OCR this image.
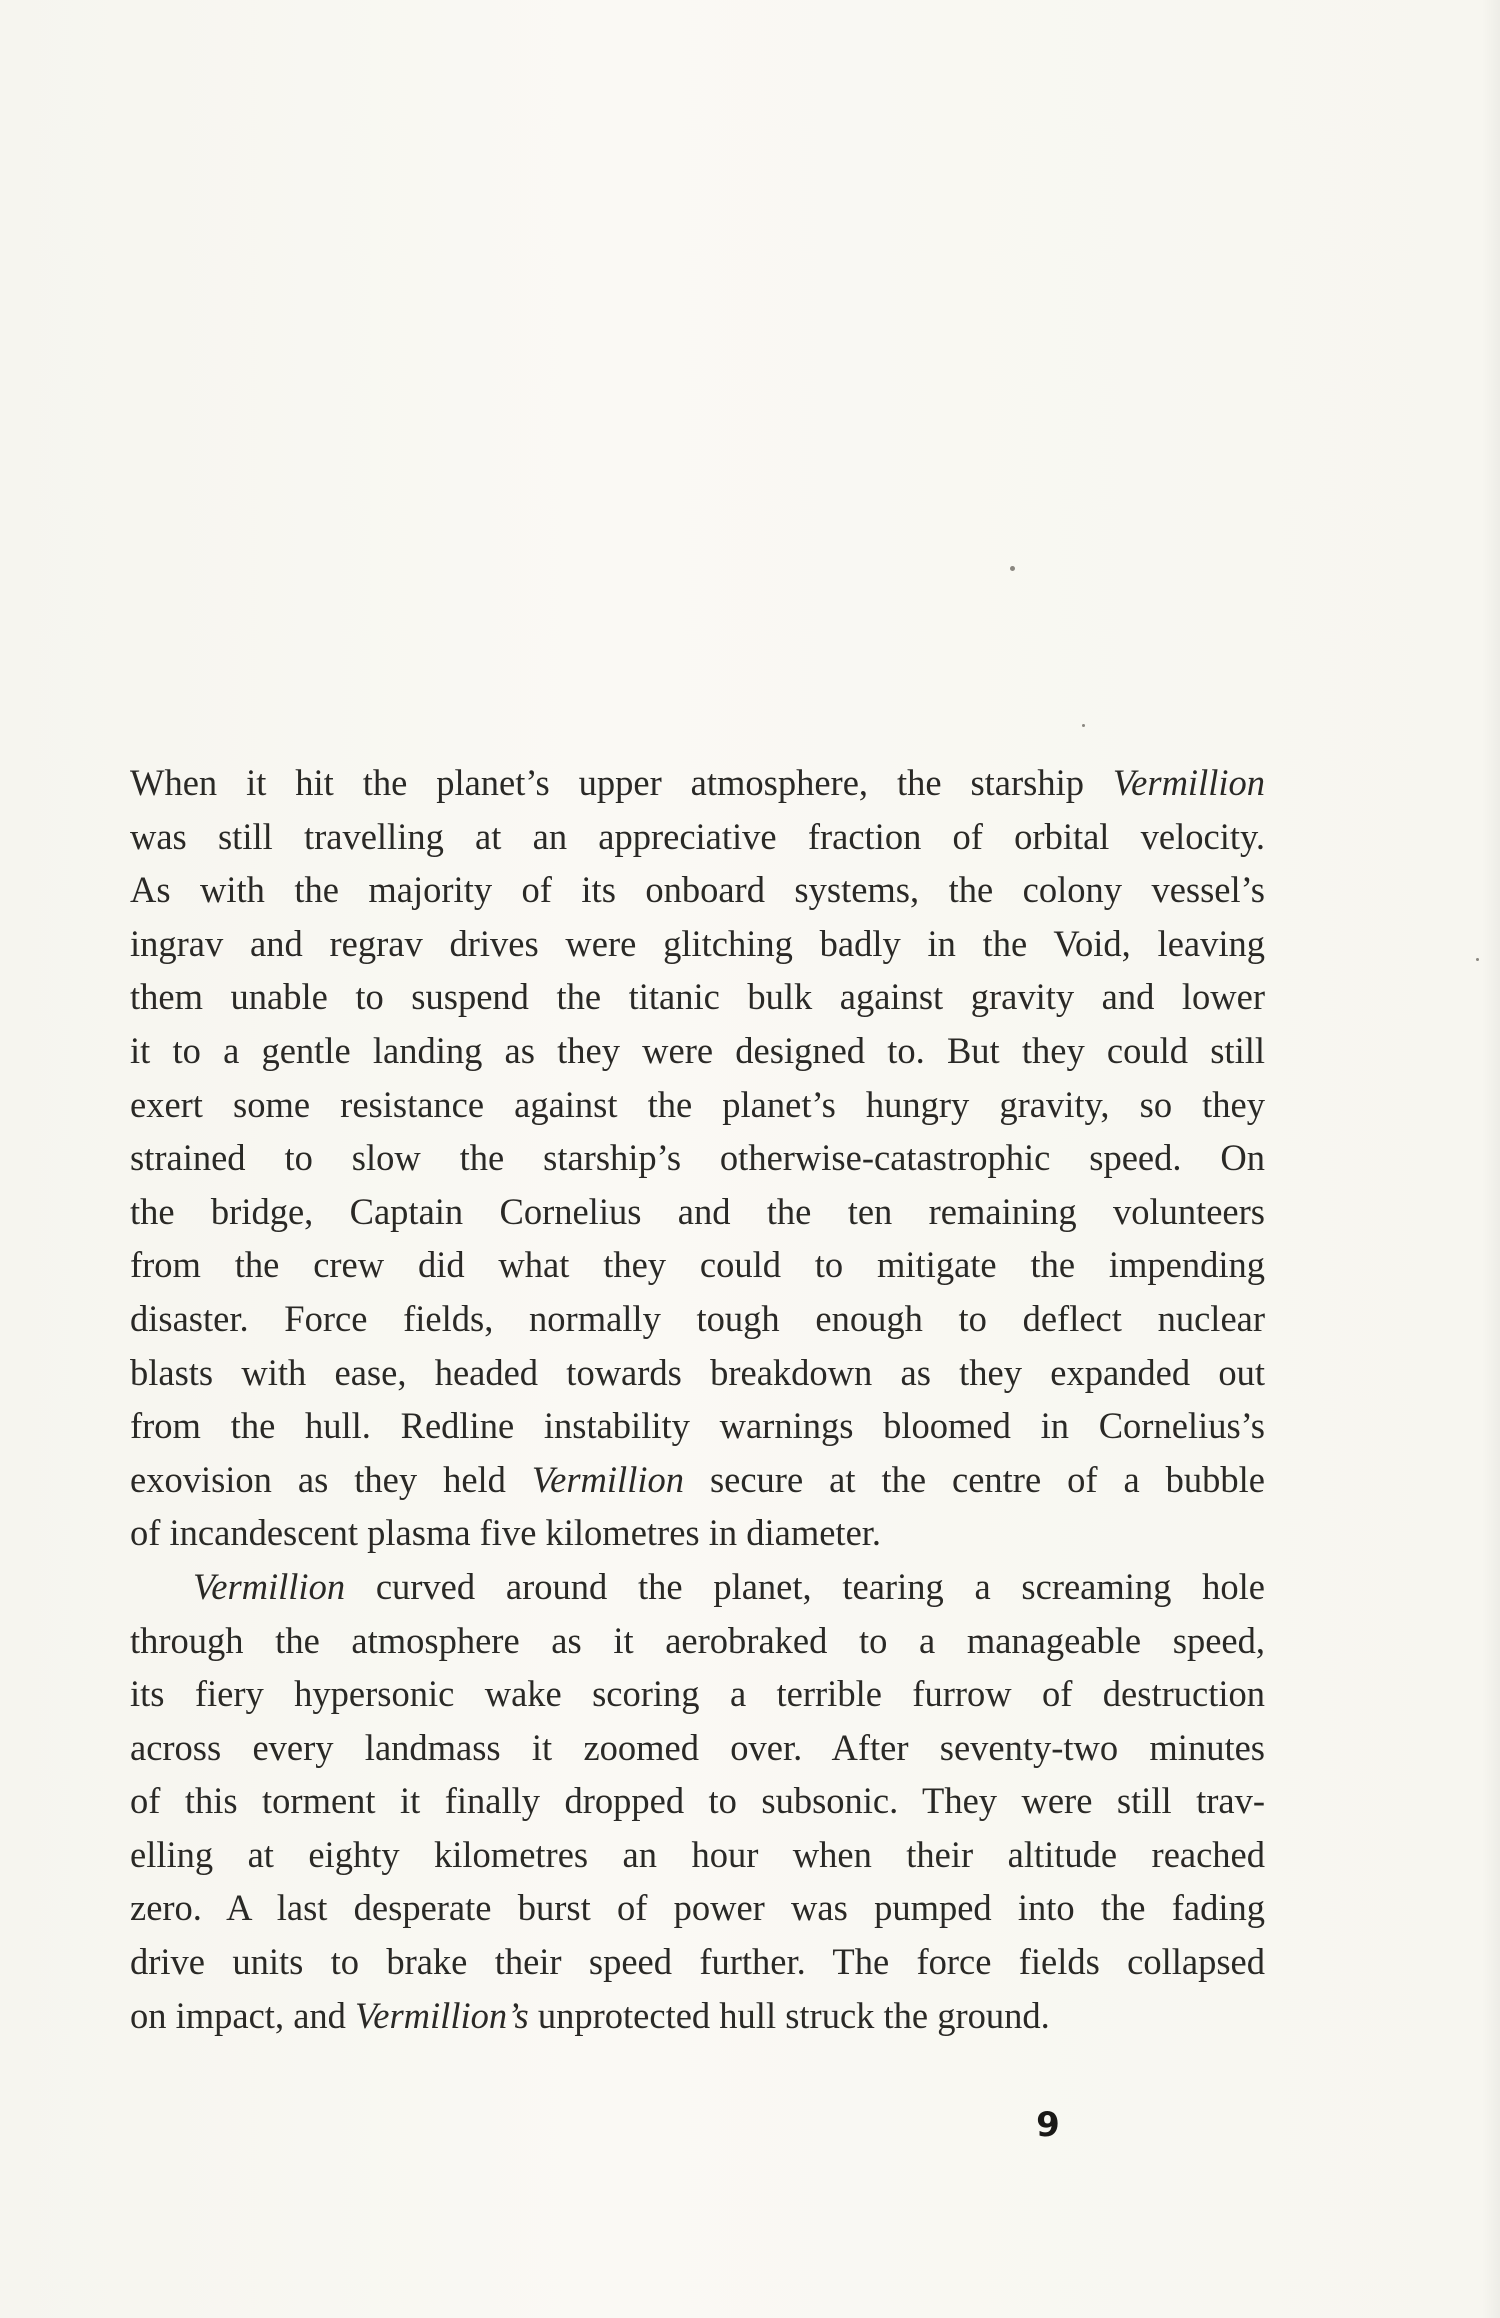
When it hit the planet’s upper atmosphere, the starship Vermillion
was still travelling at an appreciative fraction of orbital velocity.
As with the majority of its onboard systems, the colony vessel’s
ingrav and regrav drives were glitching badly in the Void, leaving
them unable to suspend the titanic bulk against gravity and lower
it to a gentle landing as they were designed to. But they could still
exert some resistance against the planet’s hungry gravity, so they
strained to slow the starship’s otherwise-catastrophic speed. On
the bridge, Captain Cornelius and the ten remaining volunteers
from the crew did what they could to mitigate the impending
disaster. Force fields, normally tough enough to deflect nuclear
blasts with ease, headed towards breakdown as they expanded out
from the hull. Redline instability warnings bloomed in Cornelius’s
exovision as they held Vermillion secure at the centre of a bubble
of incandescent plasma five kilometres in diameter.
Vermillion curved around the planet, tearing a screaming hole
through the atmosphere as it aerobraked to a manageable speed,
its fiery hypersonic wake scoring a terrible furrow of destruction
across every landmass it zoomed over. After seventy-two minutes
of this torment it finally dropped to subsonic. They were still trav-
elling at eighty kilometres an hour when their altitude reached
zero. A last desperate burst of power was pumped into the fading
drive units to brake their speed further. The force fields collapsed
on impact, and Vermillion’s unprotected hull struck the ground.
9
